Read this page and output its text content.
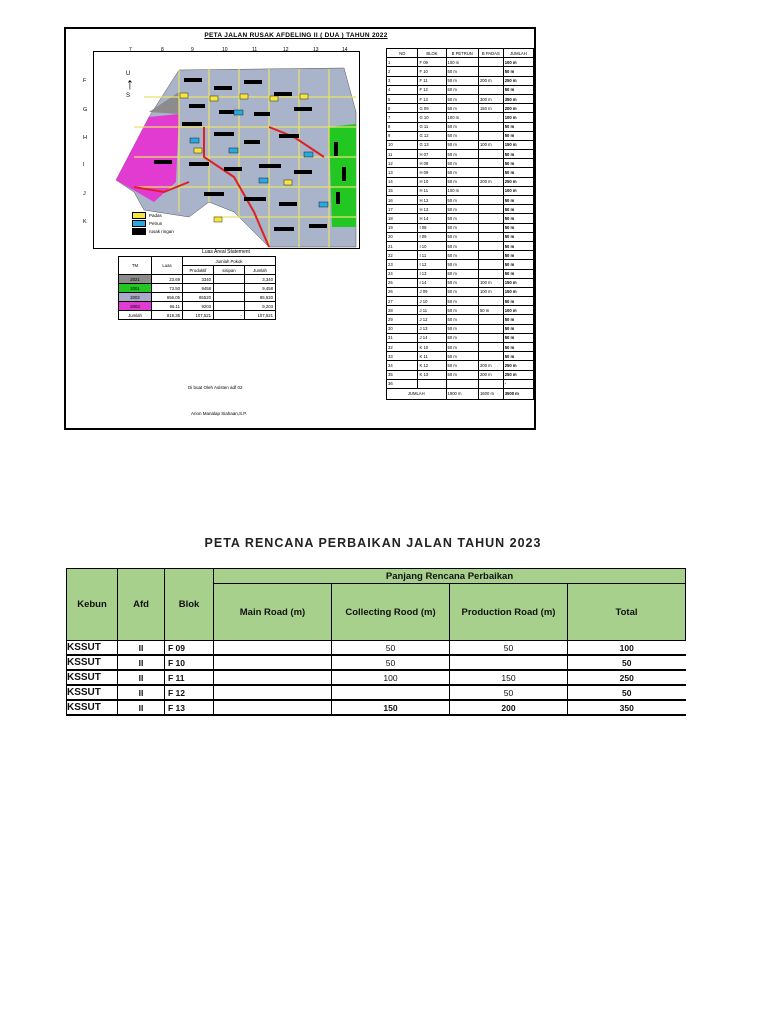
PETA JALAN RUSAK AFDELING II ( DUA ) TAHUN 2022
7	8	9	10	11	12	13	14
F
G
H
I
J
K
U
↑
S
Padas
Petrun
rusak ringan
NO	BLOK	B PETRUN	B PADAS	JUMLAH
1	F 09	100 m		100 m
2	F 10	50 m		50 m
3	F 11	50 m	200 m	250 m
4	F 12	50 m		50 m
5	F 13	50 m	300 m	350 m
6	G 09	50 m	150 m	200 m
7	G 10	100 m		100 m
8	G 11	50 m		50 m
9	G 12	50 m		50 m
10	G 13	50 m	100 m	150 m
11	H 07	50 m		50 m
12	H 08	50 m		50 m
13	H 09	50 m		50 m
14	H 10	50 m	200 m	250 m
15	H 11	100 m		100 m
16	H 12	50 m		50 m
17	H 13	50 m		50 m
18	H 14	50 m		50 m
19	I 08	50 m		50 m
20	I 09	50 m		50 m
21	I 10	50 m		50 m
22	I 11	50 m		50 m
23	I 12	50 m		50 m
24	I 13	50 m		50 m
25	I 14	50 m	100 m	150 m
26	J 09	50 m	100 m	150 m
27	J 10	50 m		50 m
28	J 11	50 m	50 m	100 m
29	J 12	50 m		50 m
30	J 13	50 m		50 m
31	J 14	50 m		50 m
32	K 10	50 m		50 m
33	K 11	50 m		50 m
34	K 12	50 m	200 m	250 m
35	K 13	50 m	200 m	250 m
36				-
JUMLAH		1900 m	1600 m	3500 m
Luas Areal Statement
TM	Luas	Jumlah Pokok		
		Produktif	sisipan	Jumlah
2021	23.69	3340		3,340
2001	73.50	9458		9,458
2002	656.05	85520		85,520
2003	66.11	9203		9,203
Jumlah	819.35	107,521	-	107,521
Di buat Oleh Asisten adf 02
Arion Manalap Siahaan,S.P.
PETA RENCANA PERBAIKAN JALAN TAHUN 2023
Kebun	Afd	Blok	Panjang Rencana Perbaikan			
			Main Road (m)	Collecting Rood (m)	Production Road (m)	Total
KSSUT	II	F 09		50	50	100
KSSUT	II	F 10		50		50
KSSUT	II	F 11		100	150	250
KSSUT	II	F 12			50	50
KSSUT	II	F 13		150	200	350
